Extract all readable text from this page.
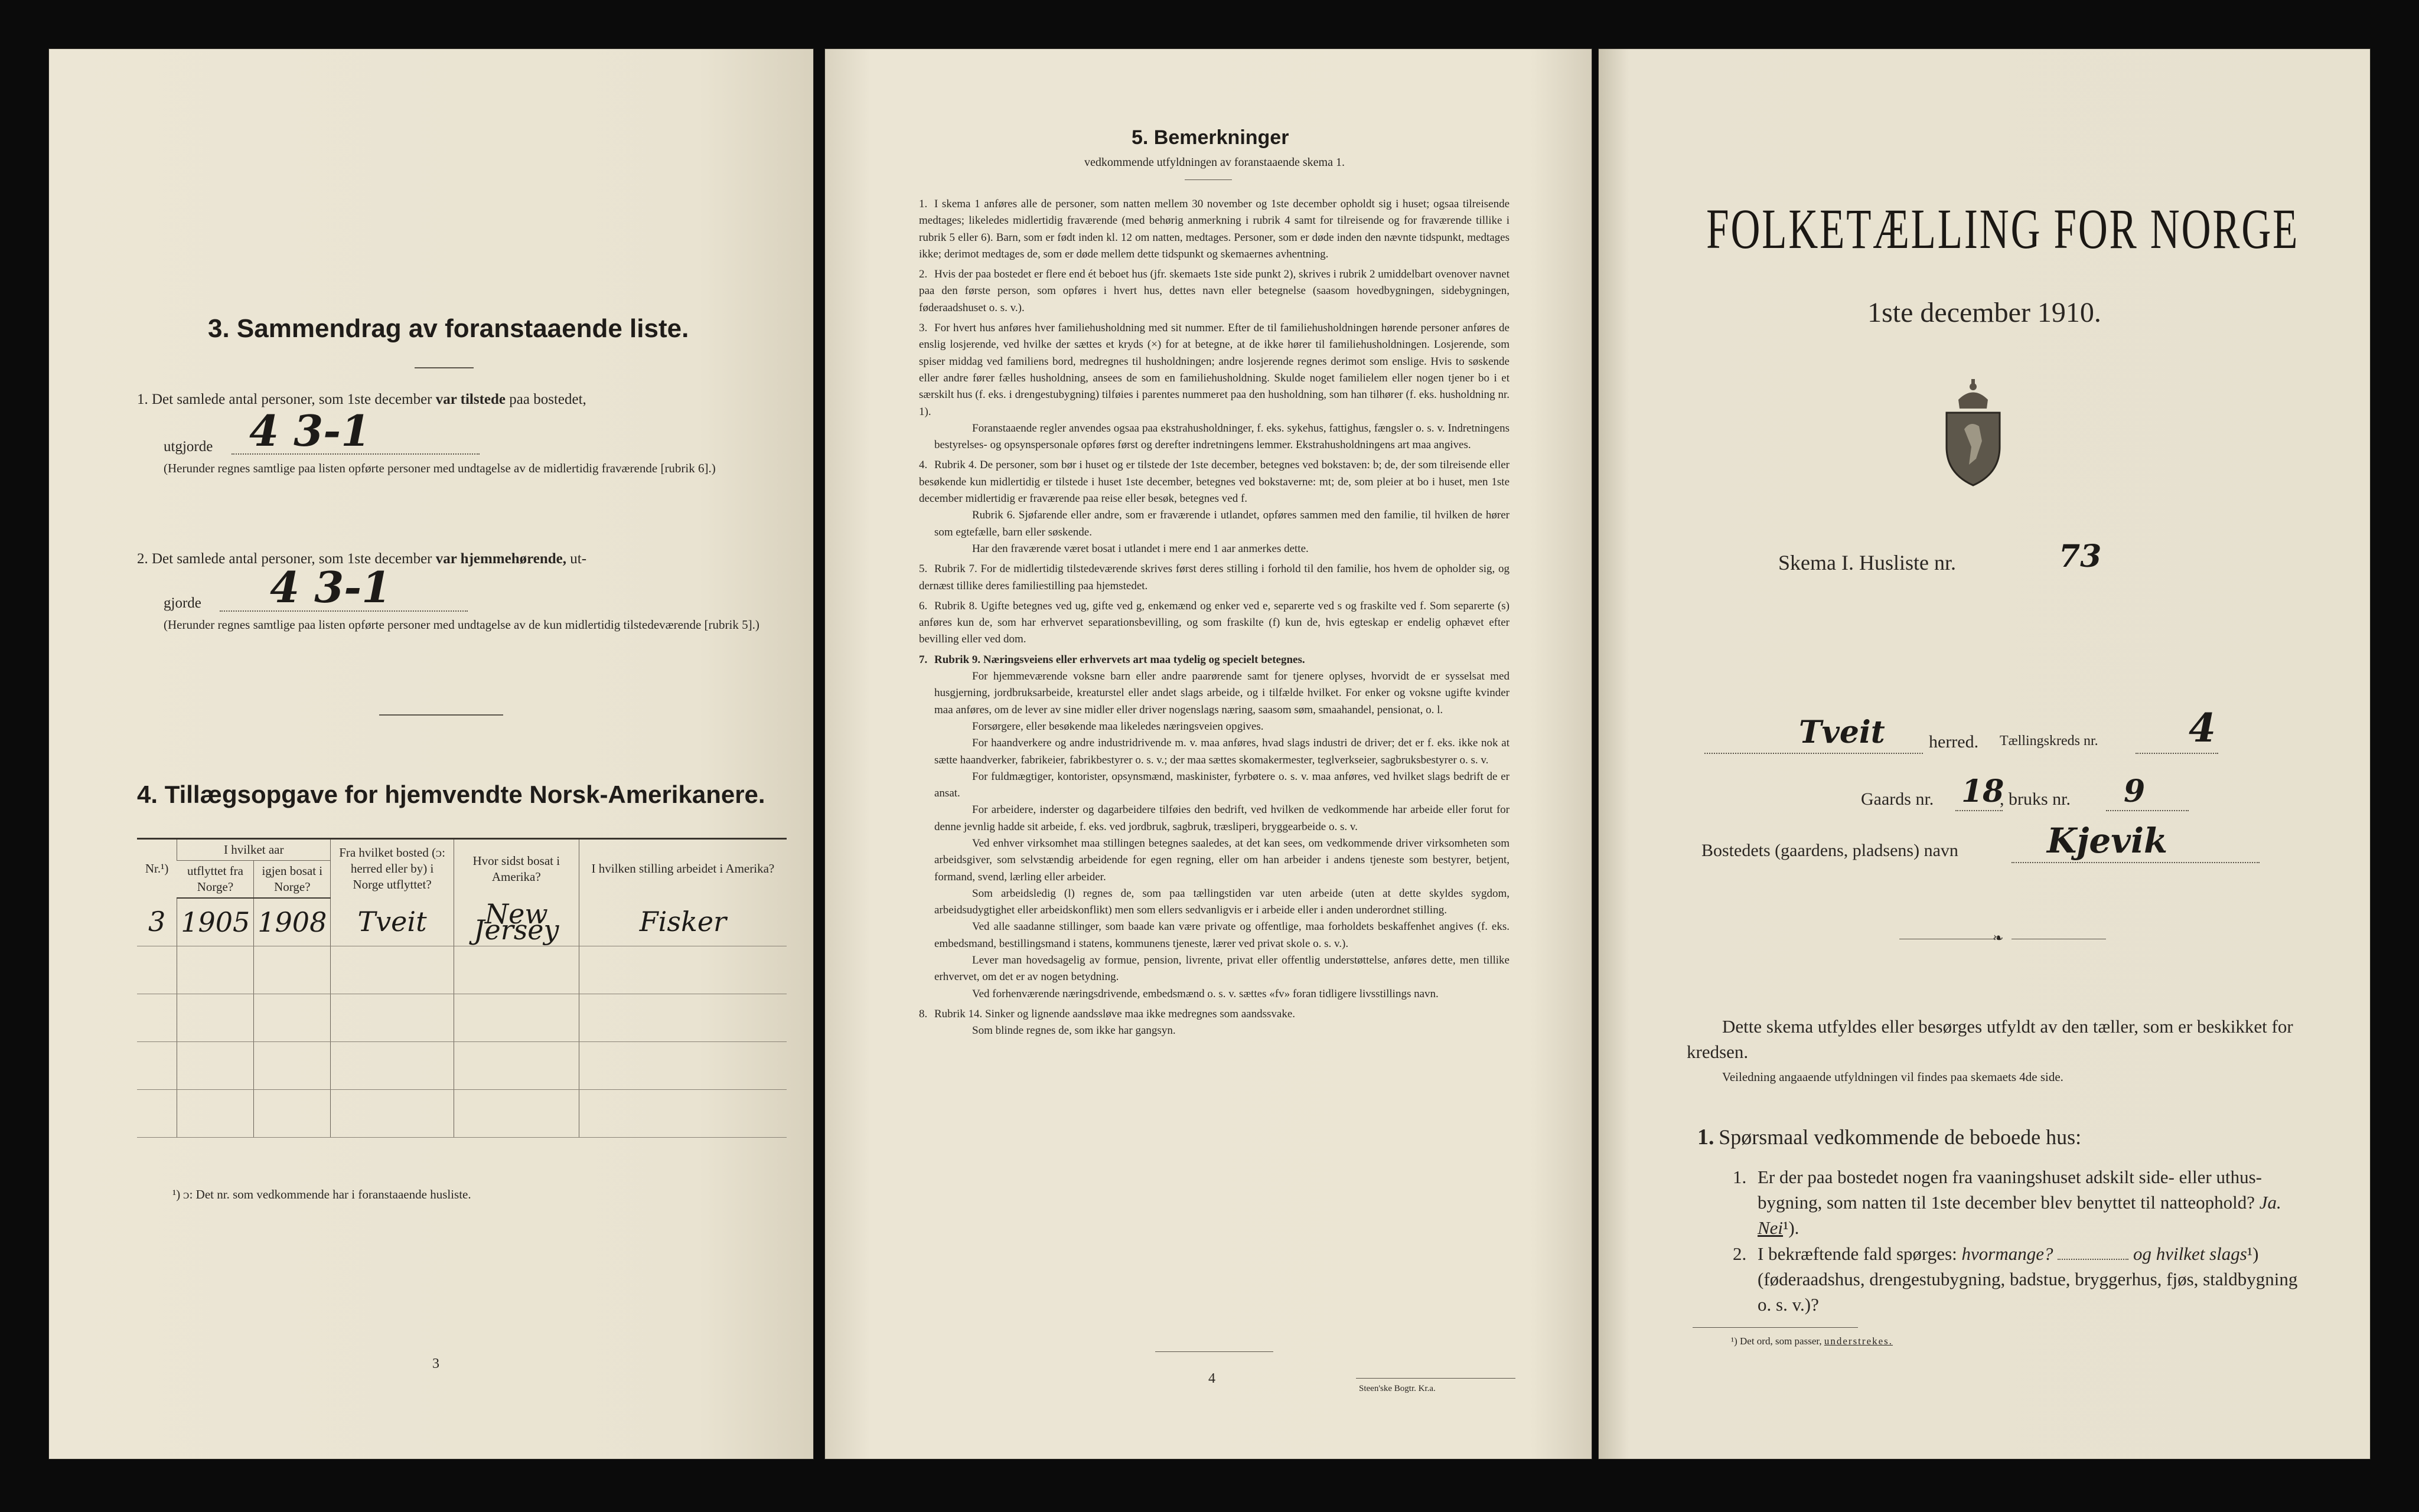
3. Sammendrag av foranstaaende liste.
1. Det samlede antal personer, som 1ste december var tilstede paa bostedet,
utgjorde 4 3-1
(Herunder regnes samtlige paa listen opførte personer med undtagelse av de midlertidig fraværende [rubrik 6].)
2. Det samlede antal personer, som 1ste december var hjemmehørende, ut-
gjorde 4 3-1
(Herunder regnes samtlige paa listen opførte personer med undtagelse av de kun midlertidig tilstedeværende [rubrik 5].)
4. Tillægsopgave for hjemvendte Norsk-Amerikanere.
Nr.¹)	I hvilket aar		Fra hvilket bosted (ᴐ: herred eller by) i Norge utflyttet?	Hvor sidst bosat i Amerika?	I hvilken stilling arbeidet i Amerika?
	utflyttet fra Norge?	igjen bosat i Norge?			
3	1905	1908	Tveit	New Jersey	Fisker

¹) ᴐ: Det nr. som vedkommende har i foranstaaende husliste.
3
5. Bemerkninger
vedkommende utfyldningen av foranstaaende skema 1.

1. I skema 1 anføres alle de personer, som natten mellem 30 november og 1ste december opholdt sig i huset; ogsaa tilreisende medtages; likeledes midlertidig fraværende (med behørig anmerkning i rubrik 4 samt for tilreisende og for fraværende tillike i rubrik 5 eller 6). Barn, som er født inden kl. 12 om natten, medtages. Personer, som er døde inden den nævnte tidspunkt, medtages ikke; derimot medtages de, som er døde mellem dette tidspunkt og skemaernes avhentning.

2. Hvis der paa bostedet er flere end ét beboet hus (jfr. skemaets 1ste side punkt 2), skrives i rubrik 2 umiddelbart ovenover navnet paa den første person, som opføres i hvert hus, dettes navn eller betegnelse (saasom hovedbygningen, sidebygningen, føderaadshuset o. s. v.).

3. For hvert hus anføres hver familiehusholdning med sit nummer. Efter de til familiehusholdningen hørende personer anføres de enslig losjerende, ved hvilke der sættes et kryds (×) for at betegne, at de ikke hører til familiehusholdningen. Losjerende, som spiser middag ved familiens bord, medregnes til husholdningen; andre losjerende regnes derimot som enslige. Hvis to søskende eller andre fører fælles husholdning, ansees de som en familiehusholdning. Skulde noget familielem eller nogen tjener bo i et særskilt hus (f. eks. i drengestubygning) tilføies i parentes nummeret paa den husholdning, som han tilhører (f. eks. husholdning nr. 1).

Foranstaaende regler anvendes ogsaa paa ekstrahusholdninger, f. eks. sykehus, fattighus, fængsler o. s. v. Indretningens bestyrelses- og opsynspersonale opføres først og derefter indretningens lemmer. Ekstrahusholdningens art maa angives.

4. Rubrik 4. De personer, som bør i huset og er tilstede der 1ste december, betegnes ved bokstaven: b; de, der som tilreisende eller besøkende kun midlertidig er tilstede i huset 1ste december, betegnes ved bokstaverne: mt; de, som pleier at bo i huset, men 1ste december midlertidig er fraværende paa reise eller besøk, betegnes ved f.

Rubrik 6. Sjøfarende eller andre, som er fraværende i utlandet, opføres sammen med den familie, til hvilken de hører som egtefælle, barn eller søskende.

Har den fraværende været bosat i utlandet i mere end 1 aar anmerkes dette.

5. Rubrik 7. For de midlertidig tilstedeværende skrives først deres stilling i forhold til den familie, hos hvem de opholder sig, og dernæst tillike deres familiestilling paa hjemstedet.

6. Rubrik 8. Ugifte betegnes ved ug, gifte ved g, enkemænd og enker ved e, separerte ved s og fraskilte ved f. Som separerte (s) anføres kun de, som har erhvervet separationsbevilling, og som fraskilte (f) kun de, hvis egteskap er endelig ophævet efter bevilling eller ved dom.

7. Rubrik 9. Næringsveiens eller erhvervets art maa tydelig og specielt betegnes.

For hjemmeværende voksne barn eller andre paarørende samt for tjenere oplyses, hvorvidt de er sysselsat med husgjerning, jordbruksarbeide, kreaturstel eller andet slags arbeide, og i tilfælde hvilket. For enker og voksne ugifte kvinder maa anføres, om de lever av sine midler eller driver nogenslags næring, saasom søm, smaahandel, pensionat, o. l.

Forsørgere, eller besøkende maa likeledes næringsveien opgives.

For haandverkere og andre industridrivende m. v. maa anføres, hvad slags industri de driver; det er f. eks. ikke nok at sætte haandverker, fabrikeier, fabrikbestyrer o. s. v.; der maa sættes skomakermester, teglverkseier, sagbruksbestyrer o. s. v.

For fuldmægtiger, kontorister, opsynsmænd, maskinister, fyrbøtere o. s. v. maa anføres, ved hvilket slags bedrift de er ansat.

For arbeidere, inderster og dagarbeidere tilføies den bedrift, ved hvilken de vedkommende har arbeide eller forut for denne jevnlig hadde sit arbeide, f. eks. ved jordbruk, sagbruk, træsliperi, bryggearbeide o. s. v.

Ved enhver virksomhet maa stillingen betegnes saaledes, at det kan sees, om vedkommende driver virksomheten som arbeidsgiver, som selvstændig arbeidende for egen regning, eller om han arbeider i andens tjeneste som bestyrer, betjent, formand, svend, lærling eller arbeider.

Som arbeidsledig (l) regnes de, som paa tællingstiden var uten arbeide (uten at dette skyldes sygdom, arbeidsudygtighet eller arbeidskonflikt) men som ellers sedvanligvis er i arbeide eller i anden underordnet stilling.

Ved alle saadanne stillinger, som baade kan være private og offentlige, maa forholdets beskaffenhet angives (f. eks. embedsmand, bestillingsmand i statens, kommunens tjeneste, lærer ved privat skole o. s. v.).

Lever man hovedsagelig av formue, pension, livrente, privat eller offentlig understøttelse, anføres dette, men tillike erhvervet, om det er av nogen betydning.

Ved forhenværende næringsdrivende, embedsmænd o. s. v. sættes «fv» foran tidligere livsstillings navn.

8. Rubrik 14. Sinker og lignende aandssløve maa ikke medregnes som aandssvake.

Som blinde regnes de, som ikke har gangsyn.

4
Steen'ske Bogtr. Kr.a.
FOLKETÆLLING FOR NORGE
1ste december 1910.
Skema I. Husliste nr.	73
Tveit herred. Tællingskreds nr. 4
Gaards nr. 18
, bruks nr. 9
Bostedets (gaardens, pladsens) navn	Kjevik
❧
Dette skema utfyldes eller besørges utfyldt av den tæller, som er beskikket for kredsen.
Veiledning angaaende utfyldningen vil findes paa skemaets 4de side.
1. Spørsmaal vedkommende de beboede hus:
1. Er der paa bostedet nogen fra vaaningshuset adskilt side- eller uthus-bygning, som natten til 1ste december blev benyttet til natteophold? Ja. Nei¹).
2. I bekræftende fald spørges: hvormange?	og hvilket slags¹) (føderaadshus, drengestubygning, badstue, bryggerhus, fjøs, staldbygning o. s. v.)?
¹) Det ord, som passer, understrekes.
